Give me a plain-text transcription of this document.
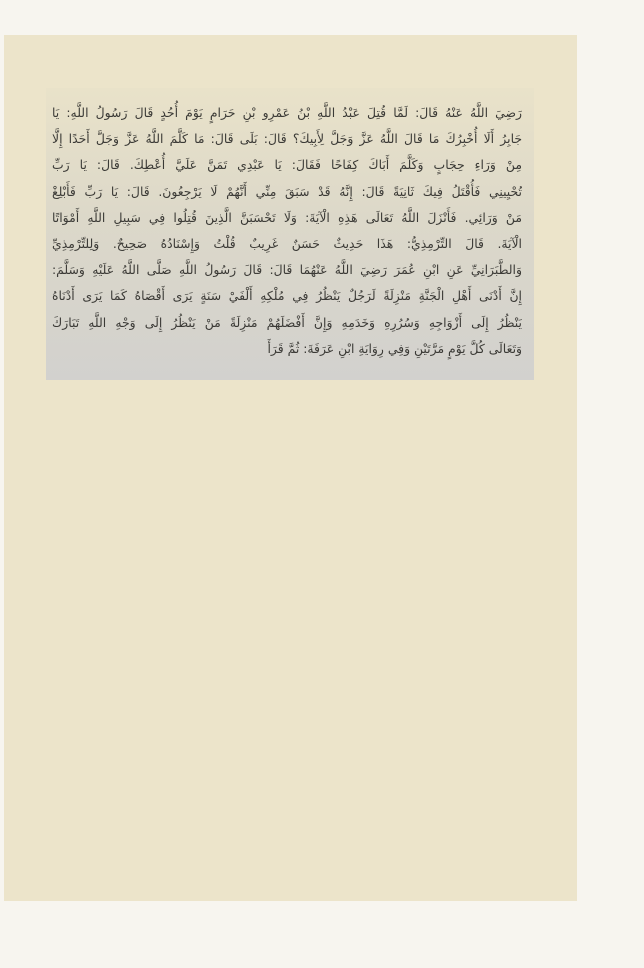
رَضِيَ اللَّهُ عَنْهُ قَالَ: لَمَّا قُتِلَ عَبْدُ اللَّهِ بْنُ عَمْرِو بْنِ حَرَامٍ يَوْمَ أُحُدٍ قَالَ رَسُولُ اللَّهِ: يَا
جَابِرُ أَلَا أُخْبِرُكَ مَا قَالَ اللَّهُ عَزَّ وَجَلَّ لِأَبِيكَ؟ قَالَ: بَلَى قَالَ: مَا كَلَّمَ اللَّهُ عَزَّ وَجَلَّ أَحَدًا إِلَّا
مِنْ وَرَاءِ حِجَابٍ وَكَلَّمَ أَبَاكَ كِفَاحًا فَقَالَ: يَا عَبْدِي تَمَنَّ عَلَيَّ أُعْطِكَ. قَالَ: يَا رَبِّ
تُحْيِينِي فَأُقْتَلُ فِيكَ ثَانِيَةً قَالَ: إِنَّهُ قَدْ سَبَقَ مِنِّي أَنَّهُمْ لَا يَرْجِعُونَ. قَالَ: يَا رَبِّ فَأَبْلِغْ
مَنْ وَرَائِي. فَأَنْزَلَ اللَّهُ تَعَالَى هَذِهِ الْآيَةَ: وَلَا تَحْسَبَنَّ الَّذِينَ قُتِلُوا فِي سَبِيلِ اللَّهِ أَمْوَاتًا
الْآيَةَ. قَالَ التِّرْمِذِيُّ: هَذَا حَدِيثٌ حَسَنٌ غَرِيبٌ قُلْتُ وَإِسْنَادُهُ صَحِيحٌ. وَلِلتِّرْمِذِيِّ
وَالطَّبَرَانِيِّ عَنِ ابْنِ عُمَرَ رَضِيَ اللَّهُ عَنْهُمَا قَالَ: قَالَ رَسُولُ اللَّهِ صَلَّى اللَّهُ عَلَيْهِ وَسَلَّمَ:
إِنَّ أَدْنَى أَهْلِ الْجَنَّةِ مَنْزِلَةً لَرَجُلٌ يَنْظُرُ فِي مُلْكِهِ أَلْفَيْ سَنَةٍ يَرَى أَقْصَاهُ كَمَا يَرَى أَدْنَاهُ
يَنْظُرُ إِلَى أَزْوَاجِهِ وَسُرُرِهِ وَخَدَمِهِ وَإِنَّ أَفْضَلَهُمْ مَنْزِلَةً مَنْ يَنْظُرُ إِلَى وَجْهِ اللَّهِ تَبَارَكَ
وَتَعَالَى كُلَّ يَوْمٍ مَرَّتَيْنِ وَفِي رِوَايَةِ ابْنِ عَرَفَةَ: ثُمَّ قَرَأَ
